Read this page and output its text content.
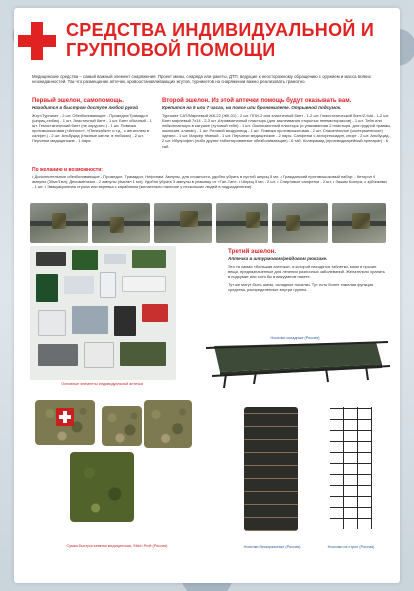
СРЕДСТВА ИНДИВИДУАЛЬНОЙ И
ГРУППОВОЙ ПОМОЩИ
Медицинские средства – самый важный элемент снаряжения. Проект мины, снаряда или ракеты, ДТП, ведущие к неосторожному обращению с оружием и масса всяких неожиданностей. Так что размещение аптечек, кровоостанавливающих жгутов, турникетов на снаряжении важно реализовать грамотно.
Первый эшелон, самопомощь.
Находится в быстром доступе любой рукой
Жгут/Турникет - 2 шт. Обезболивающее - Промедол/Трамадол (шприц-тюбик) - 1 шт. Эластичный бинт - 1 шт. Бинт обычный - 1 шт. Гемостатический бинт (не хирургич.) - 1 шт. Повязка противоожоговая («Апполо», «Пенекэйкл» и т.д., с ангигелем в салфет.) - 2 шт. Альбуцид (глазные капли, в тюбиках) - 2 шт. Перчатки медицинские - 1 пара.
Второй эшелон. Из этой аптечки помощь будут оказывать вам.
Крепится на 6 или 7 часах, на поясе или бронежилете. Отрывной подсумок.
Турникет CAT/Марлевый ЖК-22 (ЖК-01) - 2 шт. ППИ-2 или эластичный бинт - 1-2 шт. Гемостатический бинт/Z-fold - 1-2 шт. Бинт марлевый 7х14 - 2-3 шт. Атравматичный пластырь (для заклеивания открытых пневмотораксов) - 1 шт. Тейп или лейкопластырь в катушке (тутовый тейп) - 1 шт. Окклюзионный пластырь (и упакованная 2 пластыря, для грудной травмы, окклюзия, клапан) - 1 шт. Ротовой воздуховод - 1 шт. Повязка противоожоговая - 2 шт. Спасательное (изотермическое) одеяло - 1 шт. Маркер тёмный - 1 шт. Перчатки медицинские - 2 пары. Салфетки с ахлоргексидин, спирт - 2 шт. Альбуцид - 2 шт. Ибупрофен (либо другие таблетированные обезболивающие) - 6 таб. Колюрамид (противодиарейный препарат) - 6 таб.
По желанию и возможности:
• Дополнительные обезболивающие - Промедол, Трамадол, Нефопам. Ампулы, для сложности, удобно убрать в пустой шприц 5 мл. • Гражданский противошоковый набор: - Кеторол 4 ампулы (30мг/1мл); Дексаметазон - 2 ампулы (4мг/мл 1 мл); Удобно убрать 3 ампулы в упаковку от «Тан-Тан». • Шприц 5 мл - 2 шт. • Спиртовые салфетки - 2 шт. • Зажим Кохера, с зубчиками - 1 шт. • Эвакуационная стропа или веревка с карабином (желательно наличие у нескольких людей в подразделении).
Основные элементы индивидуальной аптечки
Третий эшелон.
Аптечка в штурмовом/рейдовом рюкзаке.
Это та самая «большая аптечка», в которой находятся таблетки, мази и прочие вещи, предназначенные для лечения различных заболеваний. Желательно хранить в подсумке или хотя бы в вакуумном пакете.
Тут же могут быть шины, складные носилки. Тут есть более тяжелая функция средства, распределенные внутри группы.
Носилки складные (Россия)
Сумка быстросъемная медицинская, Stitch Profi (Россия)	Носилки бескаркасные (Россия)	Носилки из строп (Россия)
